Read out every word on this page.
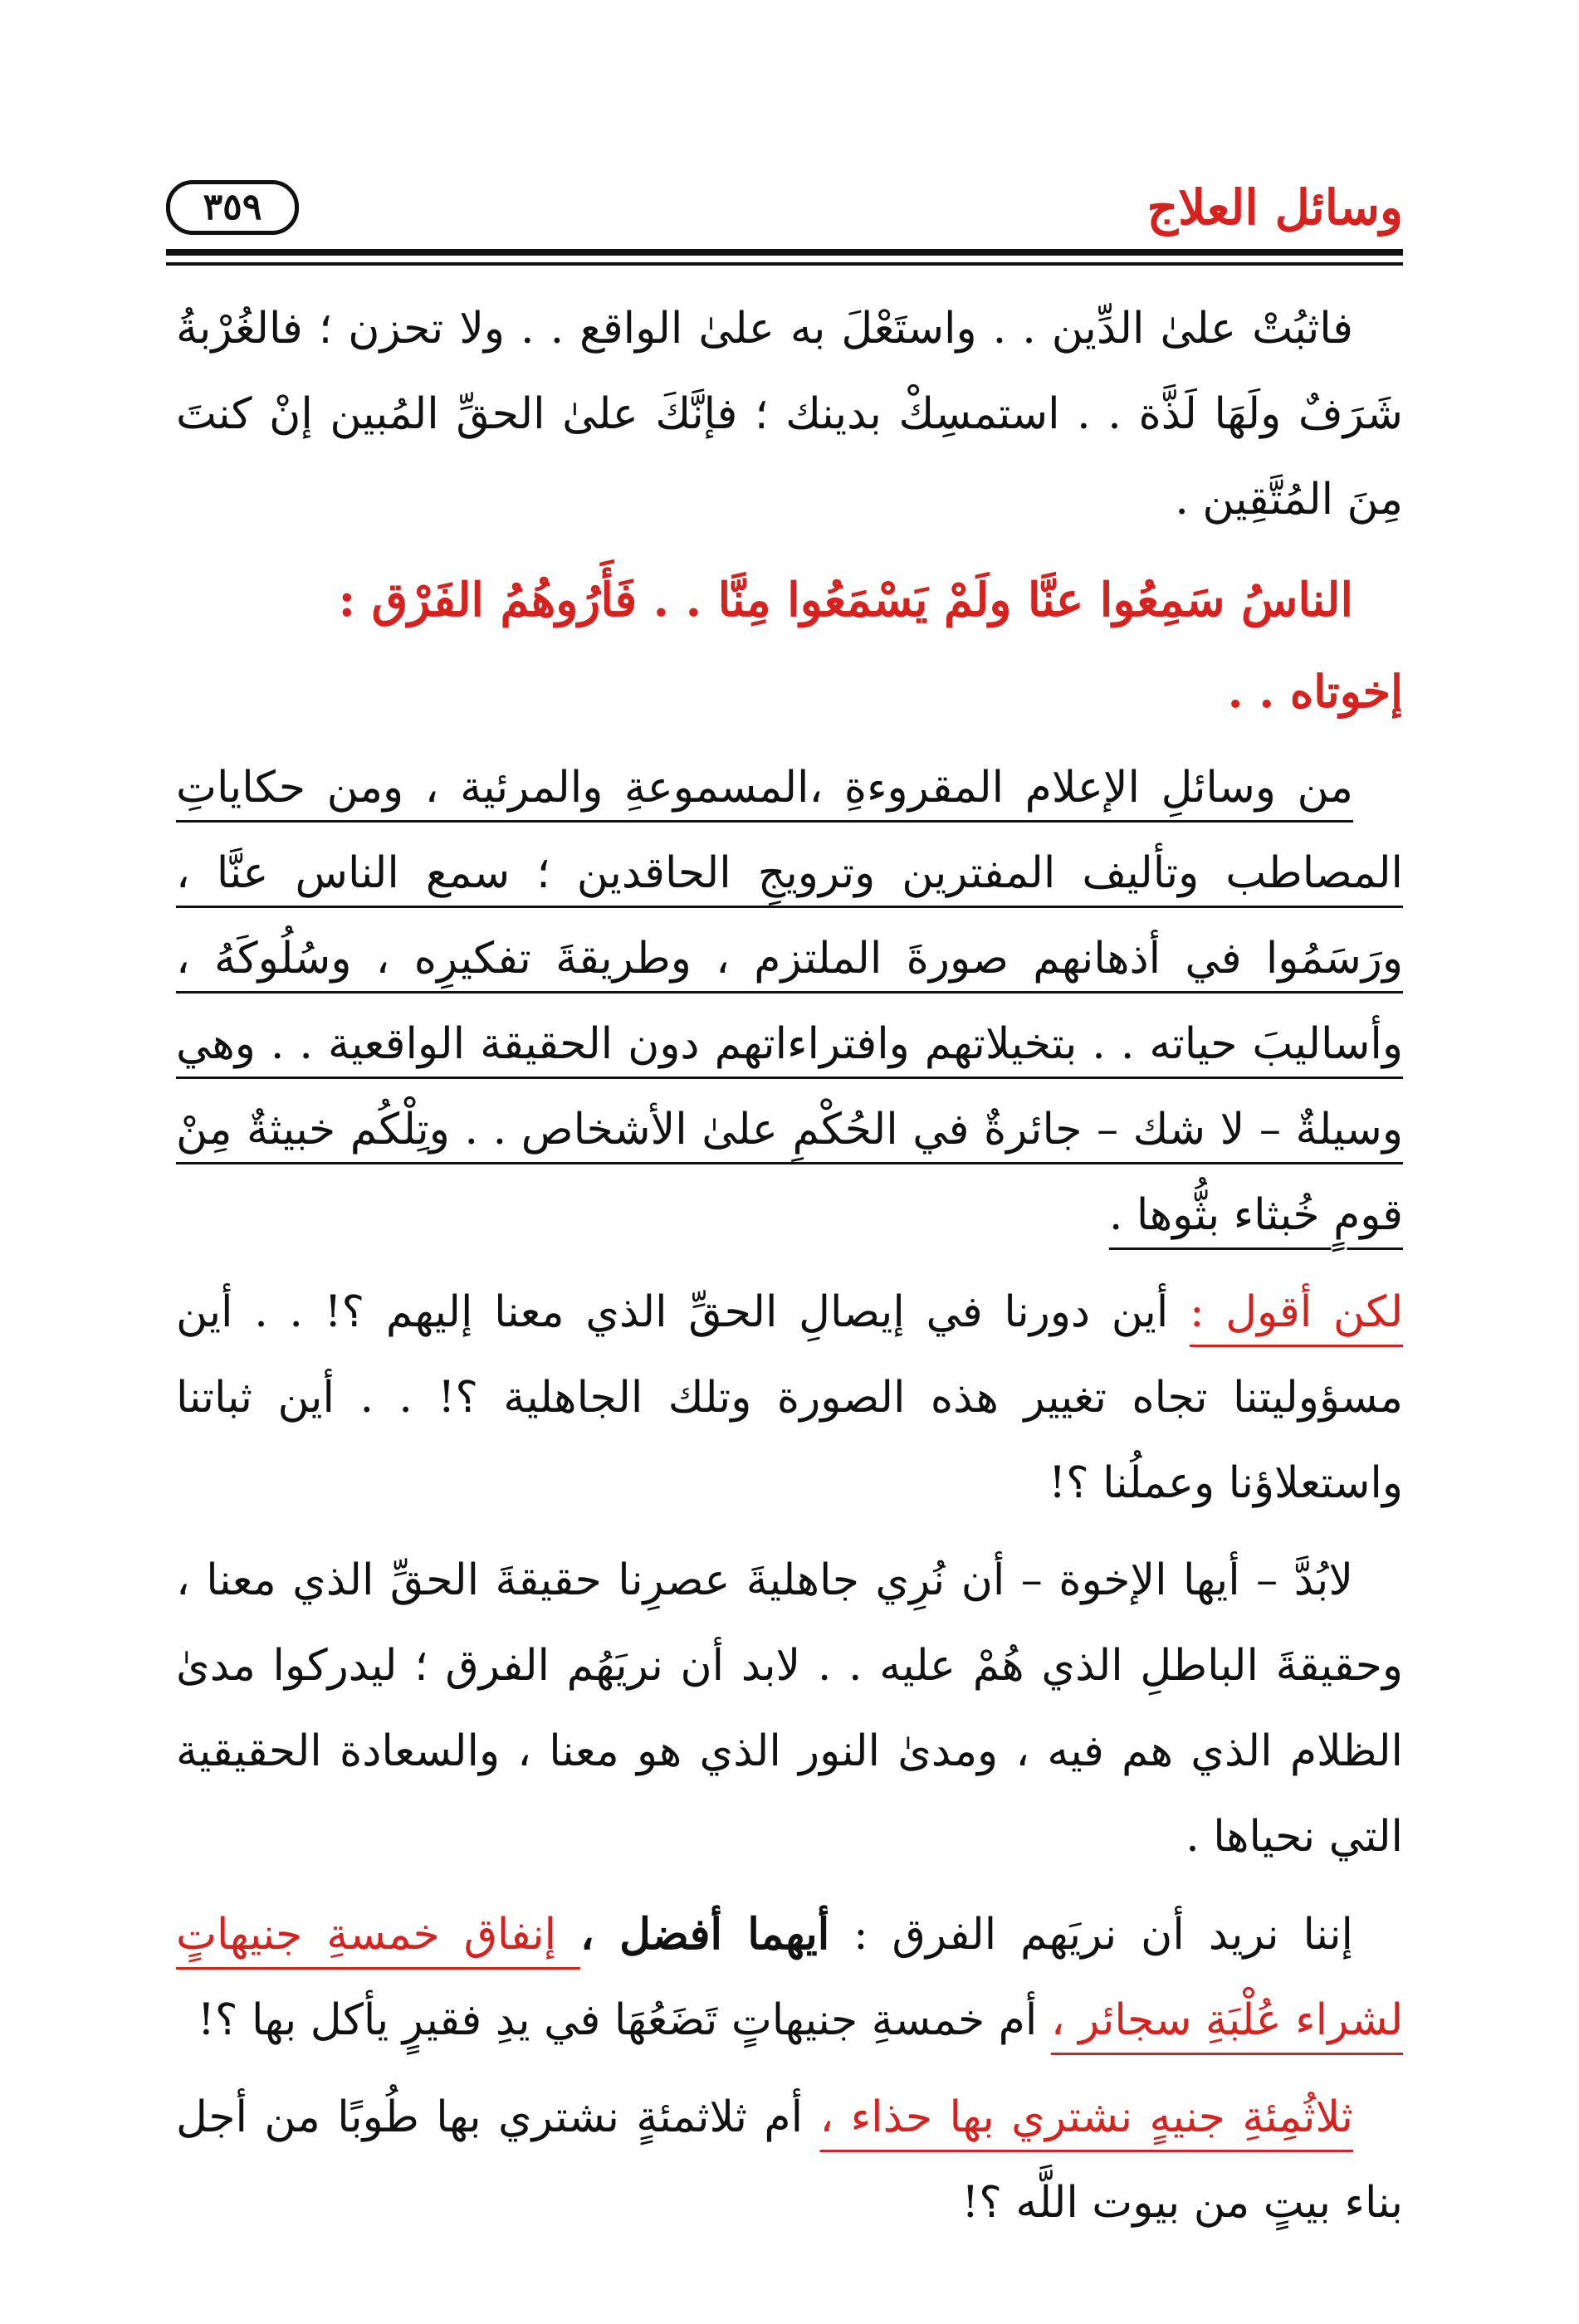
وسائل العلاج
٣٥٩

فاثبُتْ علىٰ الدِّين . . واستَعْلَ به علىٰ الواقع . . ولا تحزن ؛ فالغُرْبةُ شَرَفٌ ولَهَا لَذَّة . . استمسِكْ بدينك ؛ فإنَّكَ علىٰ الحقِّ المُبين إنْ كنتَ مِنَ المُتَّقِين .

الناسُ سَمِعُوا عنَّا ولَمْ يَسْمَعُوا مِنَّا . . فَأَرُوهُمُ الفَرْق :

إخوتاه . .

من وسائلِ الإعلام المقروءةِ ،المسموعةِ والمرئية ، ومن حكاياتِ المصاطب وتأليف المفترين وترويجِ الحاقدين ؛ سمع الناس عنَّا ، ورَسَمُوا في أذهانهم صورةَ الملتزم ، وطريقةَ تفكيرِه ، وسُلُوكَهُ ، وأساليبَ حياته . . بتخيلاتهم وافتراءاتهم دون الحقيقة الواقعية . . وهي وسيلةٌ – لا شك – جائرةٌ في الحُكْمِ علىٰ الأشخاص . . وتِلْكُم خبيثةٌ مِنْ قومٍ خُبثاء بثُّوها .

لكن أقول : أين دورنا في إيصالِ الحقِّ الذي معنا إليهم ؟! . . أين مسؤوليتنا تجاه تغيير هذه الصورة وتلك الجاهلية ؟! . . أين ثباتنا واستعلاؤنا وعملُنا ؟!

لابُدَّ – أيها الإخوة – أن نُرِي جاهليةَ عصرِنا حقيقةَ الحقِّ الذي معنا ، وحقيقةَ الباطلِ الذي هُمْ عليه . . لابد أن نريَهُم الفرق ؛ ليدركوا مدىٰ الظلام الذي هم فيه ، ومدىٰ النور الذي هو معنا ، والسعادة الحقيقية التي نحياها .

إننا نريد أن نريَهم الفرق : أيهما أفضل ، إنفاق خمسةِ جنيهاتٍ لشراء عُلْبَةِ سجائر ، أم خمسةِ جنيهاتٍ تَضَعُهَا في يدِ فقيرٍ يأكل بها ؟!

ثلاثُمِئةِ جنيهٍ نشتري بها حذاء ، أم ثلاثمئةٍ نشتري بها طُوبًا من أجل بناء بيتٍ من بيوت اللَّه ؟!
